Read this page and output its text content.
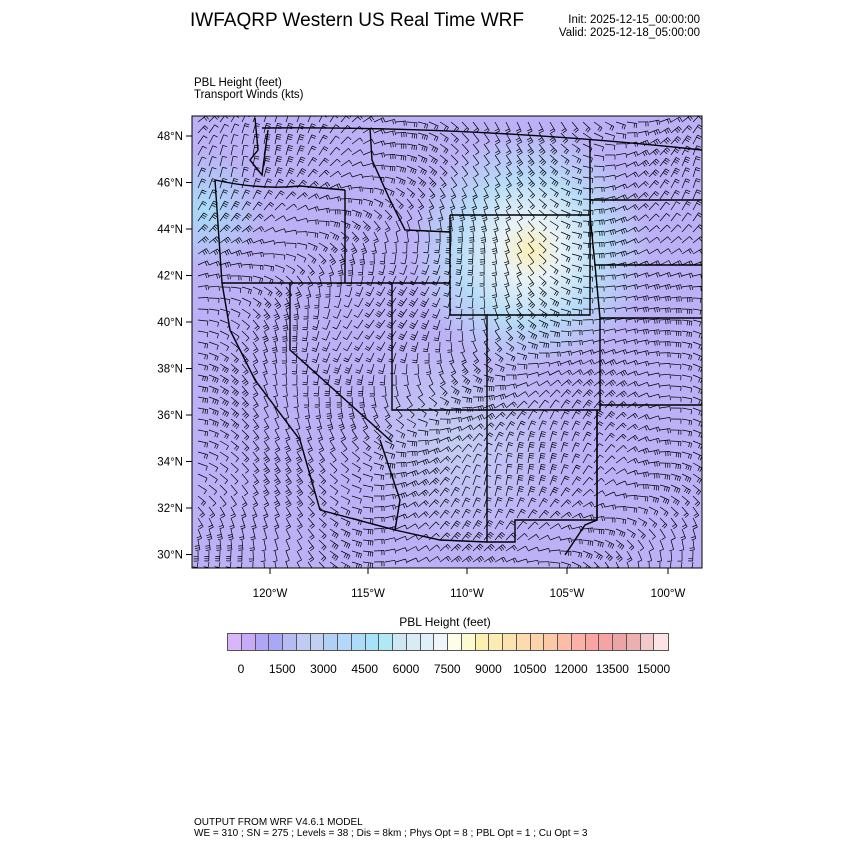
IWFAQRP Western US Real Time WRF	Init: 2025-12-15_00:00:00
Valid: 2025-12-18_05:00:00
PBL Height (feet)
Transport Winds (kts)
48°N
46°N
44°N
42°N
40°N
38°N
36°N
34°N
32°N
30°N
120°W	115°W	110°W	105°W	100°W
PBL Height (feet)
0 1500 3000 4500 6000 7500 9000 10500 12000 13500 15000
OUTPUT FROM WRF V4.6.1 MODEL
WE = 310 ; SN = 275 ; Levels = 38 ; Dis = 8km ; Phys Opt = 8 ; PBL Opt = 1 ; Cu Opt = 3
